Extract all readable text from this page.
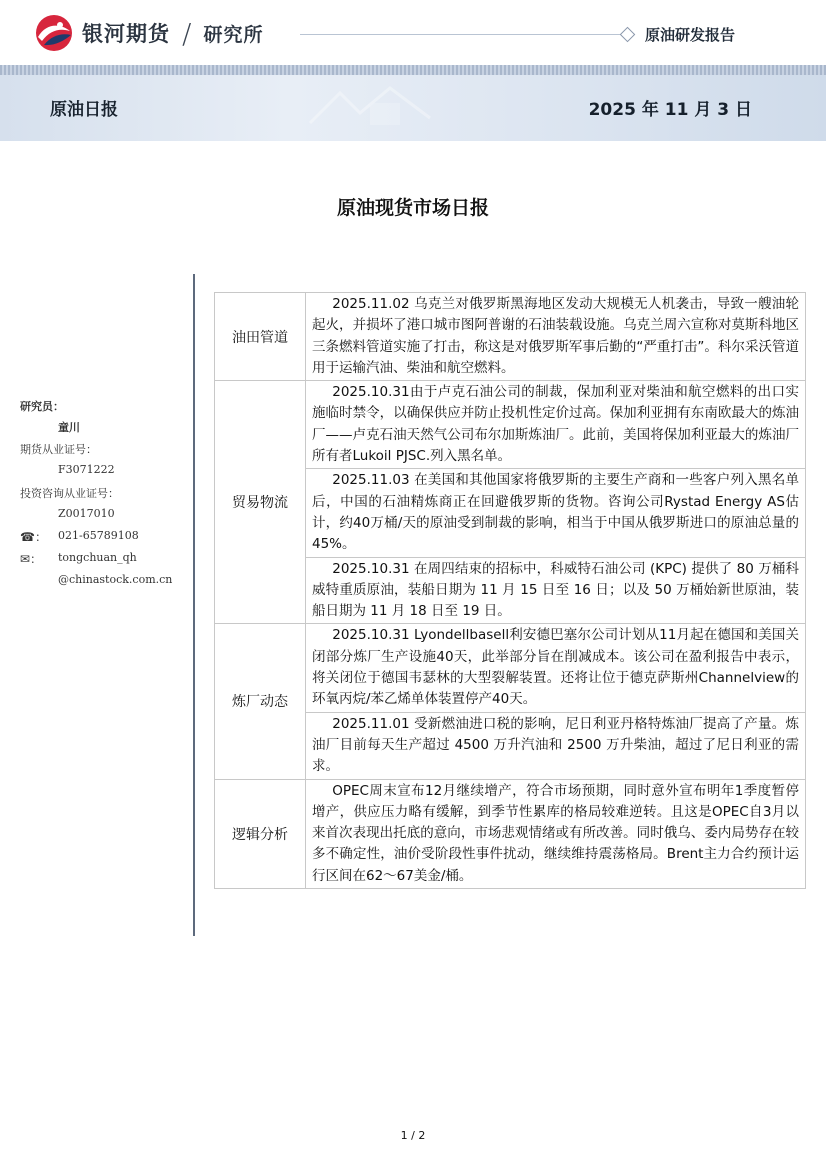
银河期货 / 研究所	原油研发报告
原油日报	2025 年 11 月 3 日
原油现货市场日报
研究员：
童川
期货从业证号：
F3071222
投资咨询从业证号：
Z0017010
☎： 021-65789108
✉： tongchuan_qh
@chinastock.com.cn
油田管道	2025.11.02 乌克兰对俄罗斯黑海地区发动大规模无人机袭击，导致一艘油轮起火，并损坏了港口城市图阿普谢的石油装载设施。乌克兰周六宣称对莫斯科地区三条燃料管道实施了打击，称这是对俄罗斯军事后勤的“严重打击”。科尔采沃管道用于运输汽油、柴油和航空燃料。
贸易物流	2025.10.31由于卢克石油公司的制裁，保加利亚对柴油和航空燃料的出口实施临时禁令，以确保供应并防止投机性定价过高。保加利亚拥有东南欧最大的炼油厂——卢克石油天然气公司布尔加斯炼油厂。此前，美国将保加利亚最大的炼油厂所有者Lukoil PJSC.列入黑名单。
	2025.11.03 在美国和其他国家将俄罗斯的主要生产商和一些客户列入黑名单后，中国的石油精炼商正在回避俄罗斯的货物。咨询公司Rystad Energy AS估计，约40万桶/天的原油受到制裁的影响，相当于中国从俄罗斯进口的原油总量的45%。
	2025.10.31 在周四结束的招标中，科威特石油公司 (KPC) 提供了 80 万桶科威特重质原油，装船日期为 11 月 15 日至 16 日；以及 50 万桶始新世原油，装船日期为 11 月 18 日至 19 日。
炼厂动态	2025.10.31 Lyondellbasell利安德巴塞尔公司计划从11月起在德国和美国关闭部分炼厂生产设施40天，此举部分旨在削减成本。该公司在盈利报告中表示，将关闭位于德国韦瑟林的大型裂解装置。还将让位于德克萨斯州Channelview的环氧丙烷/苯乙烯单体装置停产40天。
	2025.11.01 受新燃油进口税的影响，尼日利亚丹格特炼油厂提高了产量。炼油厂目前每天生产超过 4500 万升汽油和 2500 万升柴油，超过了尼日利亚的需求。
逻辑分析	OPEC周末宣布12月继续增产，符合市场预期，同时意外宣布明年1季度暂停增产，供应压力略有缓解，到季节性累库的格局较难逆转。且这是OPEC自3月以来首次表现出托底的意向，市场悲观情绪或有所改善。同时俄乌、委内局势存在较多不确定性，油价受阶段性事件扰动，继续维持震荡格局。Brent主力合约预计运行区间在62～67美金/桶。
1 / 2
